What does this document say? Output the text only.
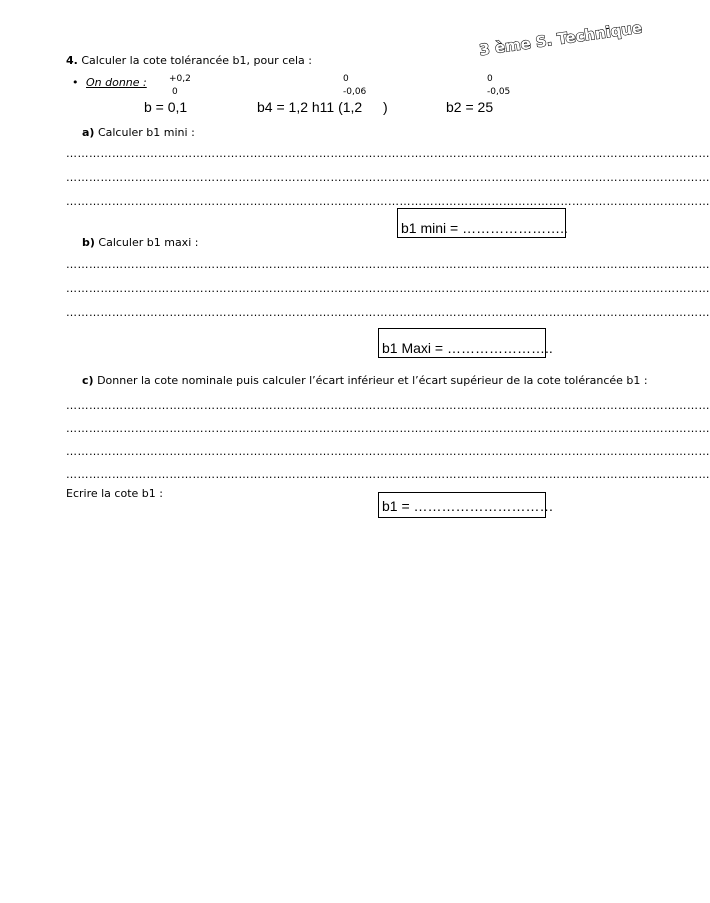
3 ème S. Technique
4. Calculer la cote tolérancée b1, pour cela :
• On donne : +0,2
0
0
-0,06
0
-0,05
b = 0,1	b4 = 1,2 h11 (1,2 )	b2 = 25
a) Calculer b1 mini :
……………………………………………………………………………………………………………………………………………………
……………………………………………………………………………………………………………………………………………………
……………………………………………………………………………………………………………………………………………………
b1 mini = …………………..
b) Calculer b1 maxi :
……………………………………………………………………………………………………………………………………………………
……………………………………………………………………………………………………………………………………………………
……………………………………………………………………………………………………………………………………………………
b1 Maxi = …………………..
c) Donner la cote nominale puis calculer l’écart inférieur et l’écart supérieur de la cote tolérancée b1 :
……………………………………………………………………………………………………………………………………………………
……………………………………………………………………………………………………………………………………………………
……………………………………………………………………………………………………………………………………………………
……………………………………………………………………………………………………………………………………………………
Ecrire la cote b1 :
b1 = …………………………
